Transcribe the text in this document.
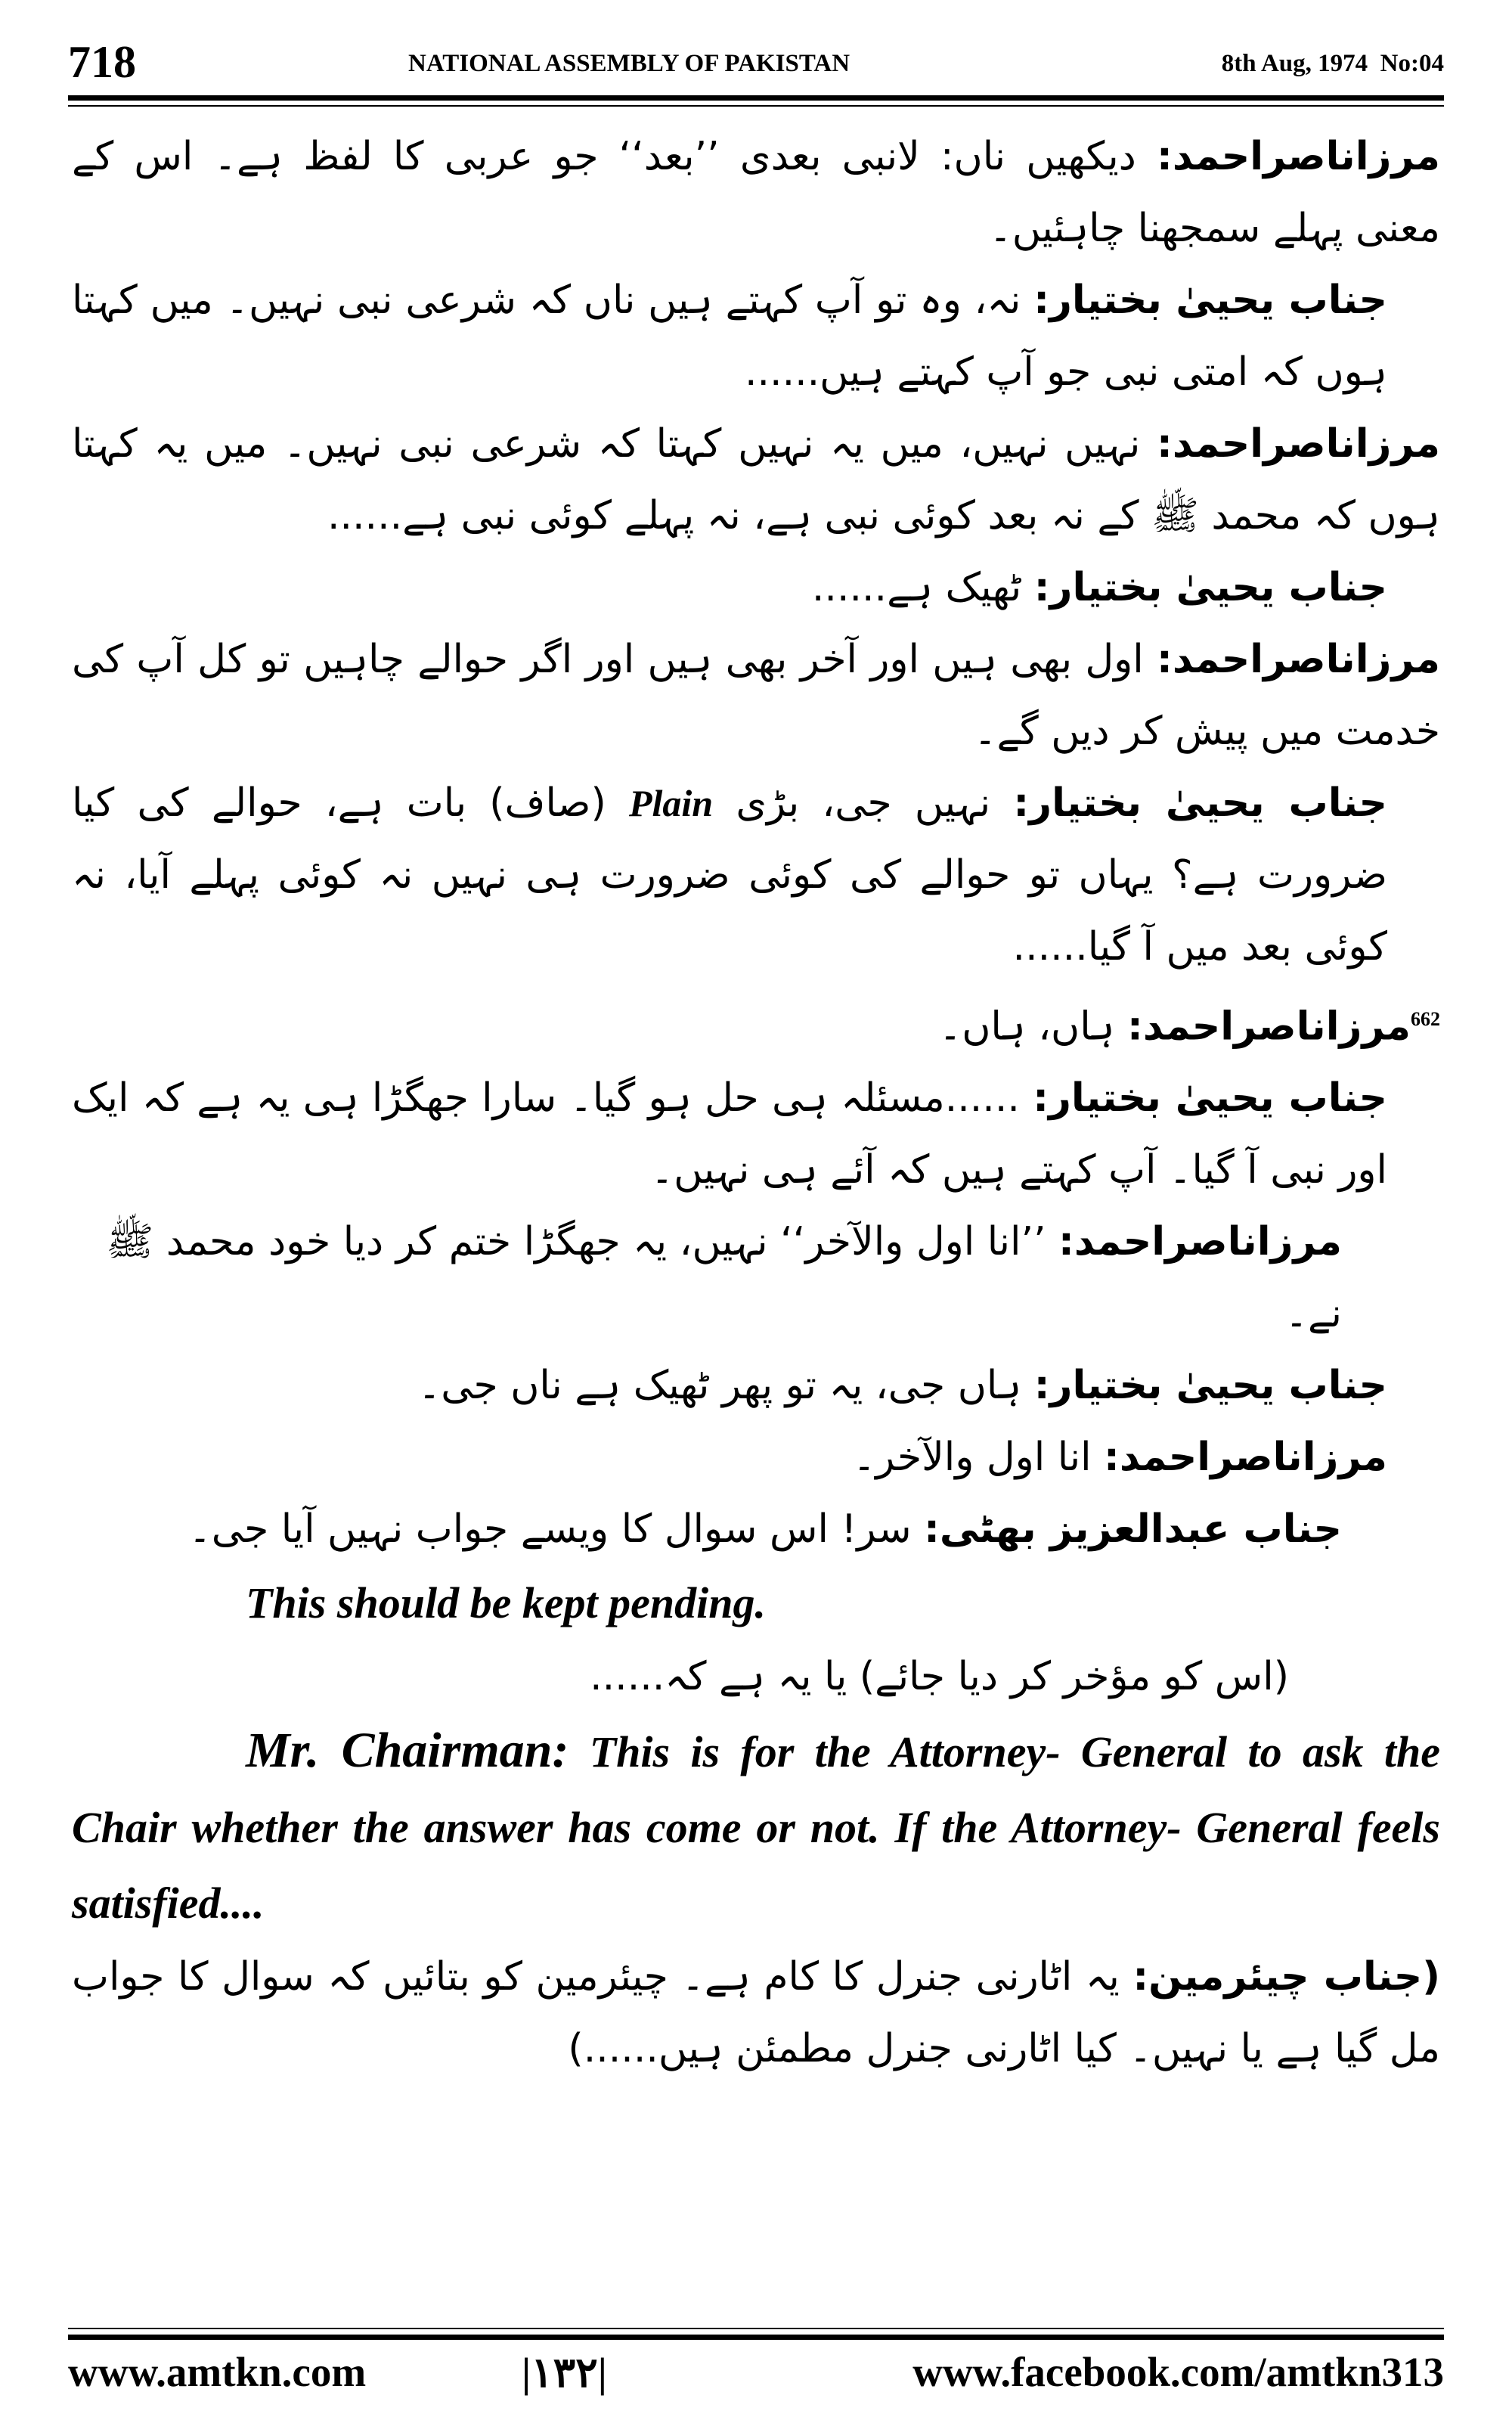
718	NATIONAL ASSEMBLY OF PAKISTAN	8th Aug, 1974 No:04

مرزاناصراحمد: دیکھیں ناں: لانبی بعدی ’’بعد‘‘ جو عربی کا لفظ ہے۔ اس کے معنی پہلے سمجھنا چاہئیں۔

جناب یحییٰ بختیار: نہ، وہ تو آپ کہتے ہیں ناں کہ شرعی نبی نہیں۔ میں کہتا ہوں کہ امتی نبی جو آپ کہتے ہیں......

مرزاناصراحمد: نہیں نہیں، میں یہ نہیں کہتا کہ شرعی نبی نہیں۔ میں یہ کہتا ہوں کہ محمد ﷺ کے نہ بعد کوئی نبی ہے، نہ پہلے کوئی نبی ہے......

جناب یحییٰ بختیار: ٹھیک ہے......

مرزاناصراحمد: اول بھی ہیں اور آخر بھی ہیں اور اگر حوالے چاہیں تو کل آپ کی خدمت میں پیش کر دیں گے۔

جناب یحییٰ بختیار: نہیں جی، بڑی Plain (صاف) بات ہے، حوالے کی کیا ضرورت ہے؟ یہاں تو حوالے کی کوئی ضرورت ہی نہیں نہ کوئی پہلے آیا، نہ کوئی بعد میں آ گیا......

$^{662}$مرزاناصراحمد: ہاں، ہاں۔

جناب یحییٰ بختیار: ......مسئلہ ہی حل ہو گیا۔ سارا جھگڑا ہی یہ ہے کہ ایک اور نبی آ گیا۔ آپ کہتے ہیں کہ آئے ہی نہیں۔

مرزاناصراحمد: ’’انا اول والآخر‘‘ نہیں، یہ جھگڑا ختم کر دیا خود محمد ﷺ نے۔

جناب یحییٰ بختیار: ہاں جی، یہ تو پھر ٹھیک ہے ناں جی۔

مرزاناصراحمد: انا اول والآخر۔

جناب عبدالعزیز بھٹی: سر! اس سوال کا ویسے جواب نہیں آیا جی۔

This should be kept pending.

(اس کو مؤخر کر دیا جائے) یا یہ ہے کہ......

Mr. Chairman: This is for the Attorney- General to ask the Chair whether the answer has come or not. If the Attorney- General feels satisfied....

(جناب چیئرمین: یہ اٹارنی جنرل کا کام ہے۔ چیئرمین کو بتائیں کہ سوال کا جواب مل گیا ہے یا نہیں۔ کیا اٹارنی جنرل مطمئن ہیں......)

www.amtkn.com	|۱۳۲|	www.facebook.com/amtkn313
